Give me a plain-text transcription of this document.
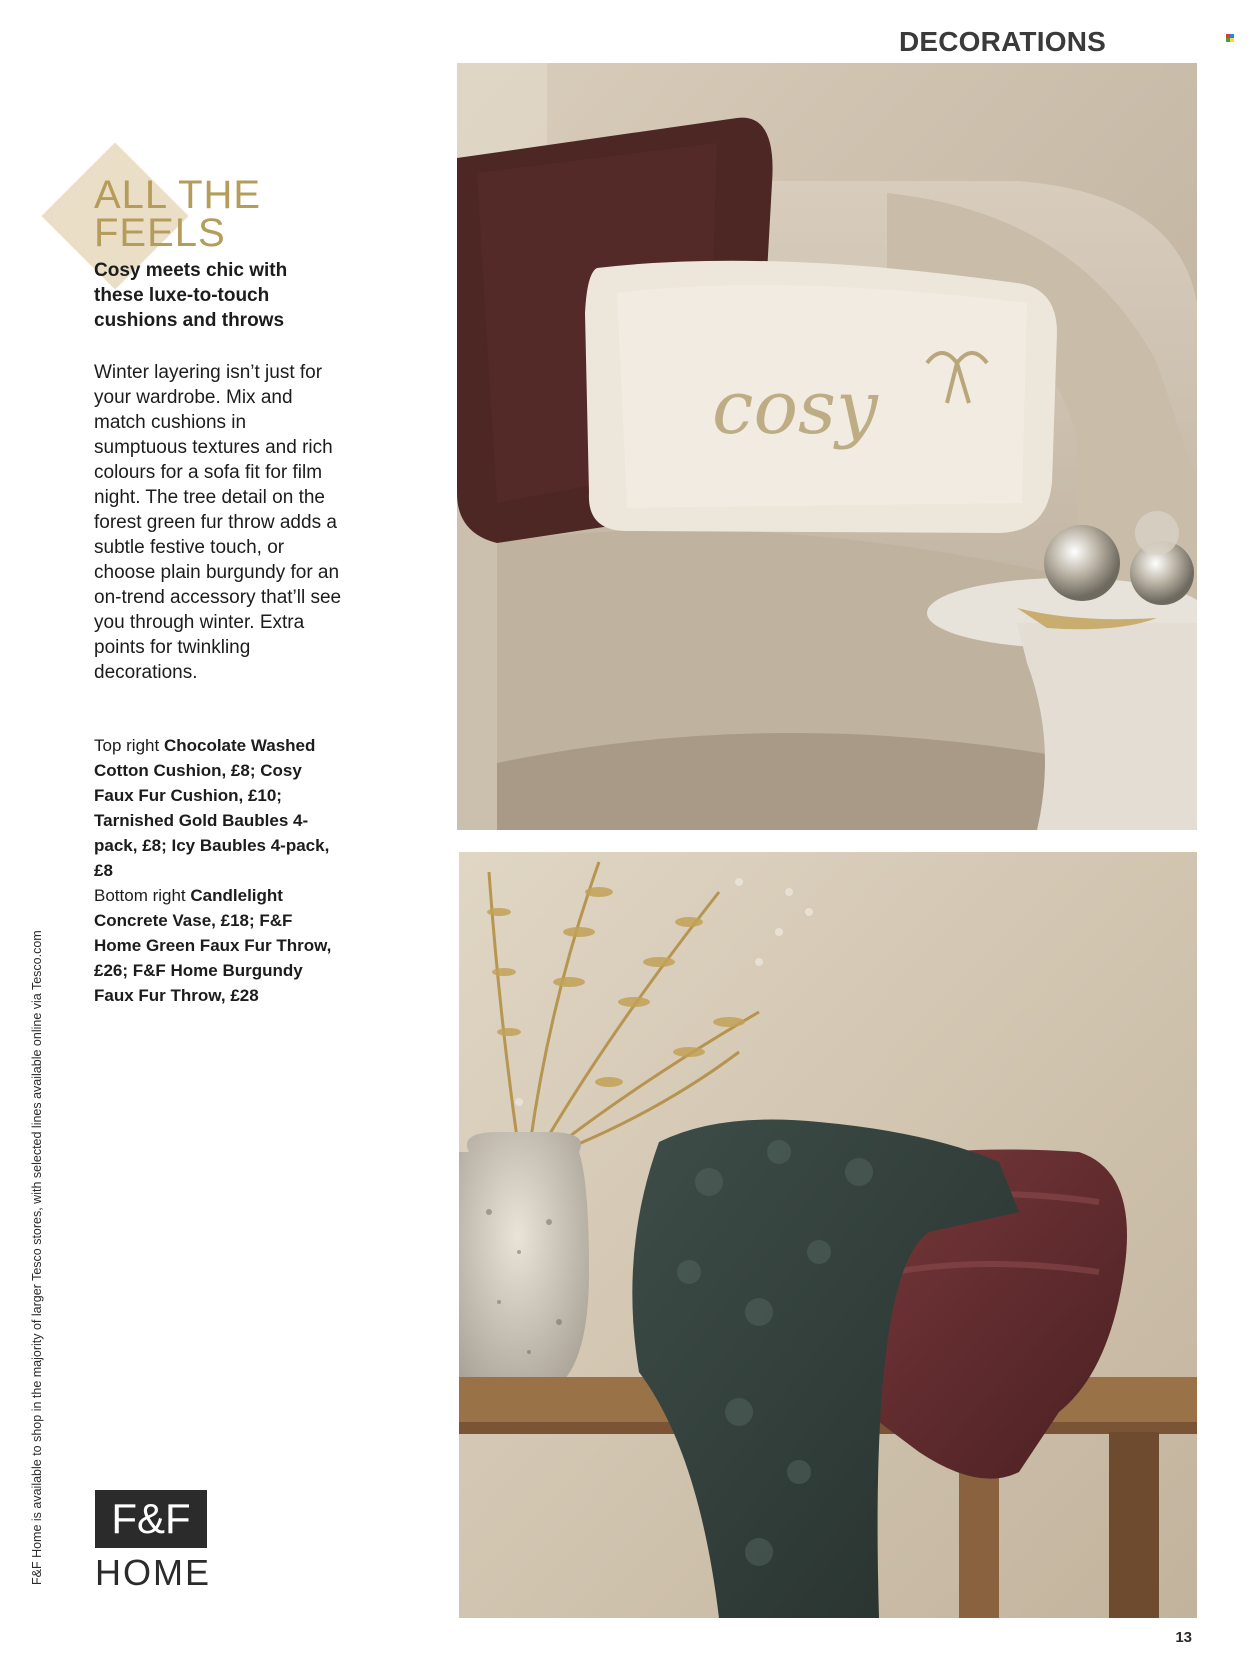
DECORATIONS
ALL THE
FEELS

Cosy meets chic with these luxe-to-touch cushions and throws

Winter layering isn’t just for your wardrobe. Mix and match cushions in sumptuous textures and rich colours for a sofa fit for film night. The tree detail on the forest green fur throw adds a subtle festive touch, or choose plain burgundy for an on-trend accessory that’ll see you through winter. Extra points for twinkling decorations.

Top right Chocolate Washed Cotton Cushion, £8; Cosy Faux Fur Cushion, £10; Tarnished Gold Baubles 4-pack, £8; Icy Baubles 4-pack, £8
Bottom right Candlelight Concrete Vase, £18; F&F Home Green Faux Fur Throw, £26; F&F Home Burgundy Faux Fur Throw, £28

F&F Home is available to shop in the majority of larger Tesco stores, with selected lines available online via Tesco.com	F&F
HOME
cosy
13
